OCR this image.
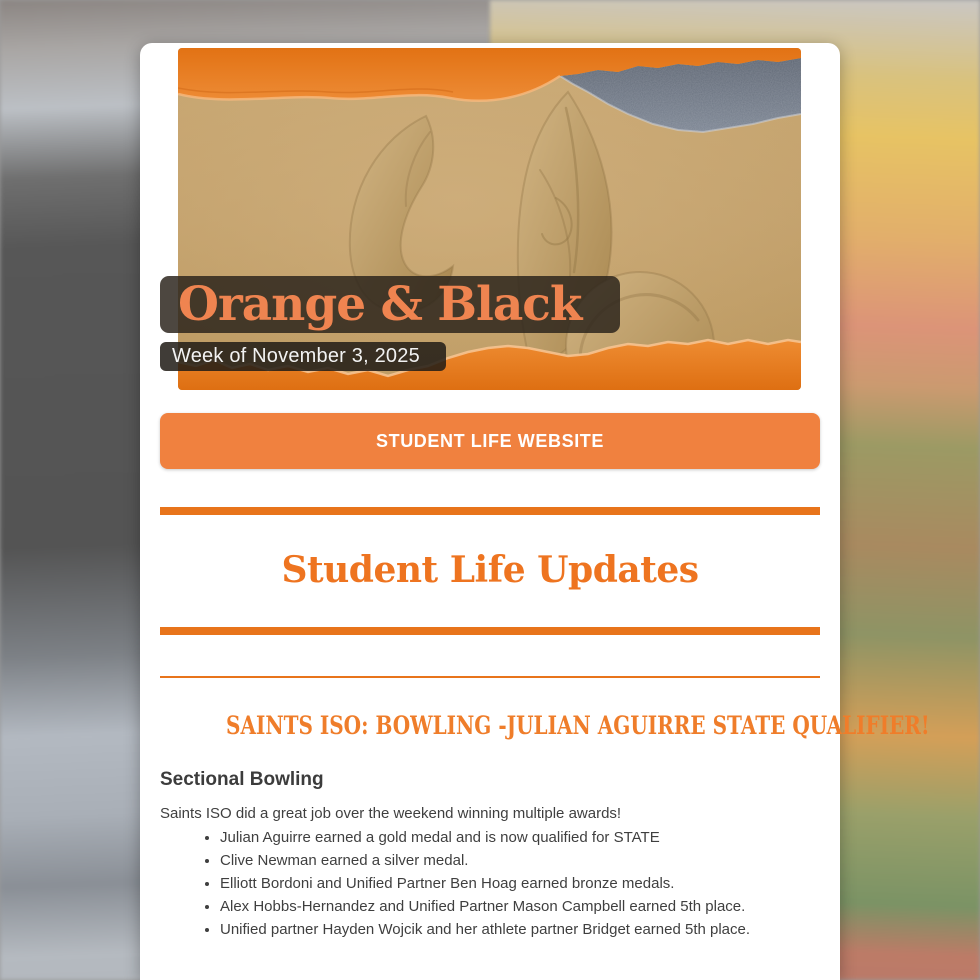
Orange & Black
Week of November 3, 2025
STUDENT LIFE WEBSITE
Student Life Updates
SAINTS ISO: BOWLING -JULIAN AGUIRRE STATE QUALIFIER!
Sectional Bowling

Saints ISO did a great job over the weekend winning multiple awards!

• Julian Aguirre earned a gold medal and is now qualified for STATE
• Clive Newman earned a silver medal.
• Elliott Bordoni and Unified Partner Ben Hoag earned bronze medals.
• Alex Hobbs-Hernandez and Unified Partner Mason Campbell earned 5th place.
• Unified partner Hayden Wojcik and her athlete partner Bridget earned 5th place.
